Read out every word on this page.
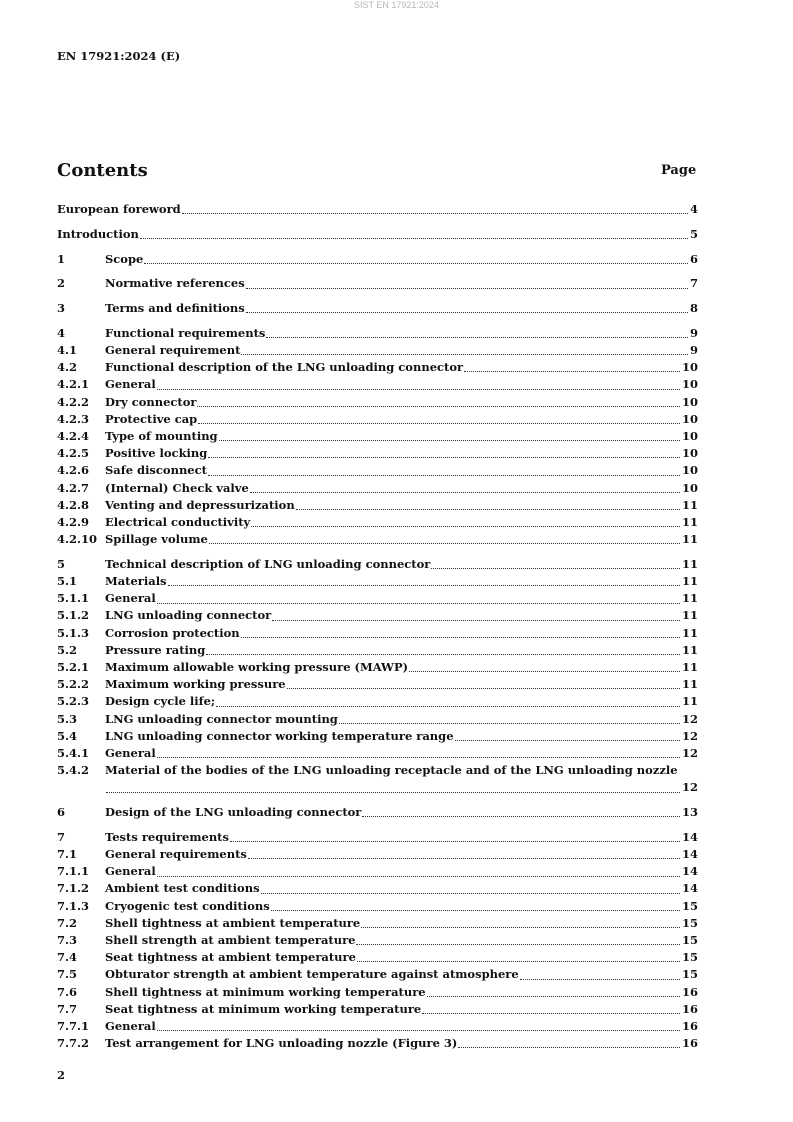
SIST EN 17921:2024
EN 17921:2024 (E)
Contents	Page
European foreword	4
Introduction	5
1	Scope	6
2	Normative references	7
3	Terms and definitions	8
4	Functional requirements	9
4.1	General requirement	9
4.2	Functional description of the LNG unloading connector	10
4.2.1	General	10
4.2.2	Dry connector	10
4.2.3	Protective cap	10
4.2.4	Type of mounting	10
4.2.5	Positive locking	10
4.2.6	Safe disconnect	10
4.2.7	(Internal) Check valve	10
4.2.8	Venting and depressurization	11
4.2.9	Electrical conductivity	11
4.2.10 Spillage volume	11
5	Technical description of LNG unloading connector	11
5.1	Materials	11
5.1.1	General	11
5.1.2	LNG unloading connector	11
5.1.3	Corrosion protection	11
5.2	Pressure rating	11
5.2.1	Maximum allowable working pressure (MAWP)	11
5.2.2	Maximum working pressure	11
5.2.3	Design cycle life;	11
5.3	LNG unloading connector mounting	12
5.4	LNG unloading connector working temperature range	12
5.4.1	General	12
5.4.2	Material of the bodies of the LNG unloading receptacle and of the LNG unloading nozzle
12
6	Design of the LNG unloading connector	13
7	Tests requirements	14
7.1	General requirements	14
7.1.1	General	14
7.1.2	Ambient test conditions	14
7.1.3	Cryogenic test conditions	15
7.2	Shell tightness at ambient temperature	15
7.3	Shell strength at ambient temperature	15
7.4	Seat tightness at ambient temperature	15
7.5	Obturator strength at ambient temperature against atmosphere	15
7.6	Shell tightness at minimum working temperature	16
7.7	Seat tightness at minimum working temperature	16
7.7.1	General	16
7.7.2	Test arrangement for LNG unloading nozzle (Figure 3)	16
2
